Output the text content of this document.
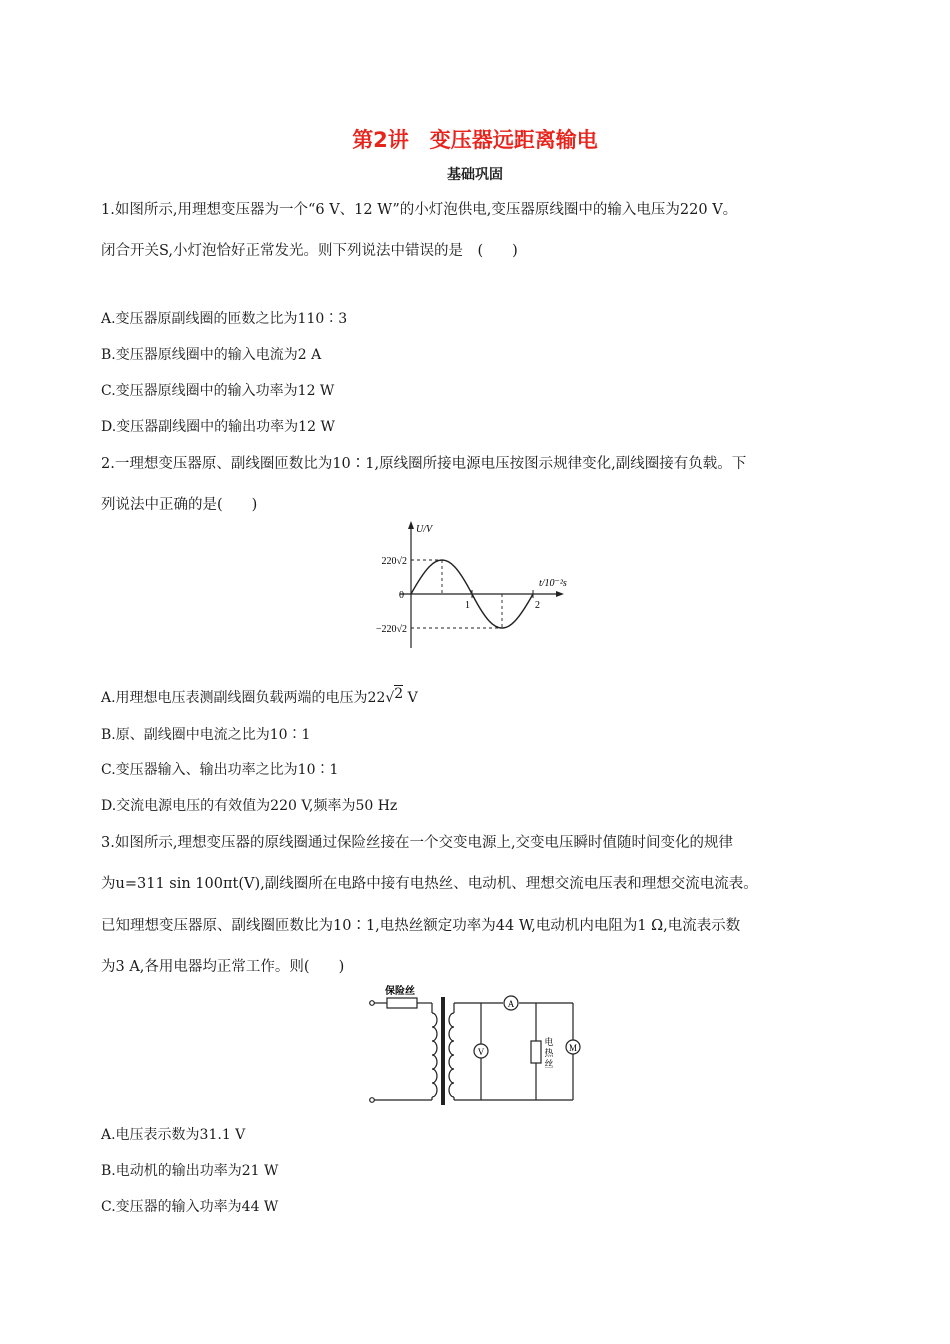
第2讲　变压器远距离输电
基础巩固
1.如图所示,用理想变压器为一个“6 V、12 W”的小灯泡供电,变压器原线圈中的输入电压为220 V。
闭合开关S,小灯泡恰好正常发光。则下列说法中错误的是　(　　)
A.变压器原副线圈的匝数之比为110∶3
B.变压器原线圈中的输入电流为2 A
C.变压器原线圈中的输入功率为12 W
D.变压器副线圈中的输出功率为12 W
2.一理想变压器原、副线圈匝数比为10∶1,原线圈所接电源电压按图示规律变化,副线圈接有负载。下
列说法中正确的是(　　)
U/V
t/10⁻²s
0
220√2
−220√2
1	2
A.用理想电压表测副线圈负载两端的电压为22√2 V
B.原、副线圈中电流之比为10∶1
C.变压器输入、输出功率之比为10∶1
D.交流电源电压的有效值为220 V,频率为50 Hz
3.如图所示,理想变压器的原线圈通过保险丝接在一个交变电源上,交变电压瞬时值随时间变化的规律
为u=311 sin 100πt(V),副线圈所在电路中接有电热丝、电动机、理想交流电压表和理想交流电流表。
已知理想变压器原、副线圈匝数比为10∶1,电热丝额定功率为44 W,电动机内电阻为1 Ω,电流表示数
为3 A,各用电器均正常工作。则(　　)
保险丝
A
V	M
电
热
丝
A.电压表示数为31.1 V
B.电动机的输出功率为21 W
C.变压器的输入功率为44 W
